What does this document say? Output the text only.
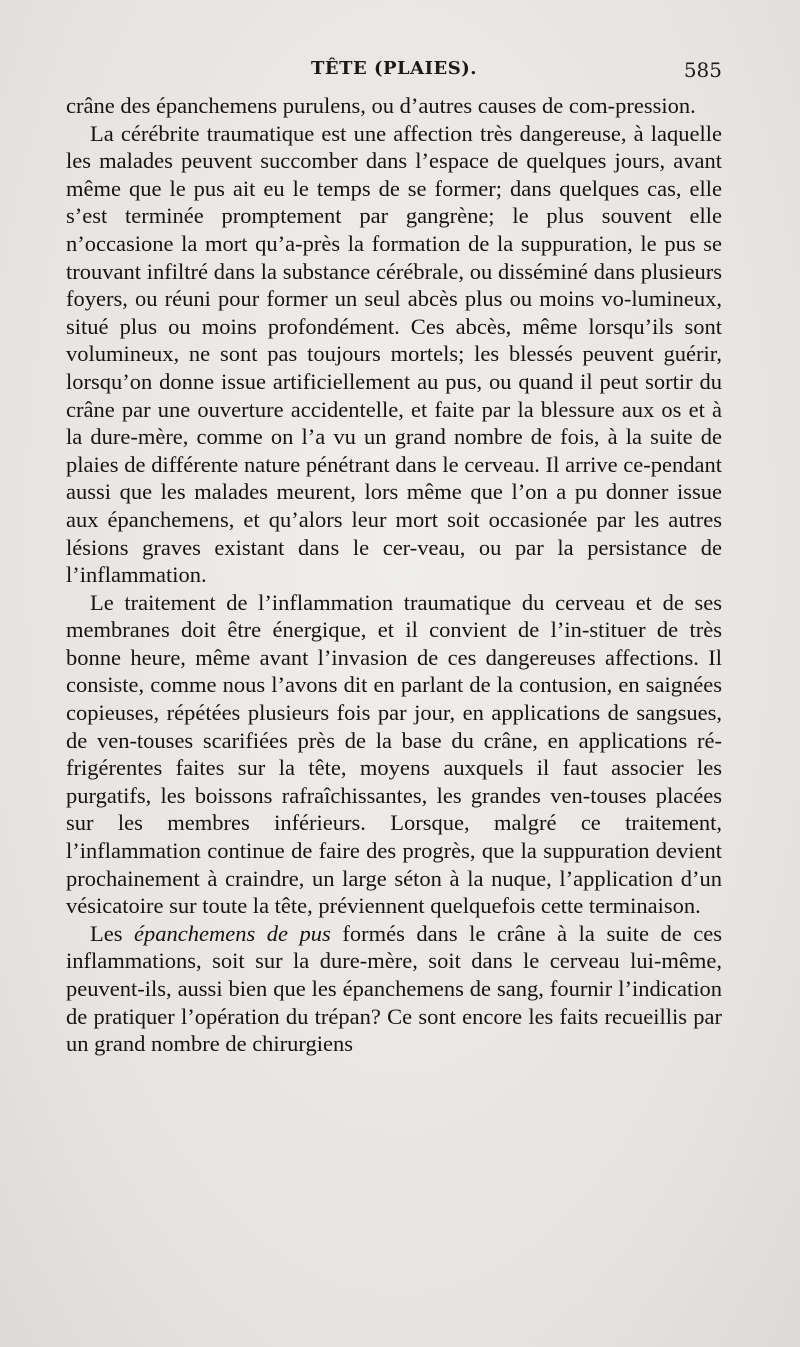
TÊTE (PLAIES).	585

crâne des épanchemens purulens, ou d’autres causes de com-pression.

La cérébrite traumatique est une affection très dangereuse, à laquelle les malades peuvent succomber dans l’espace de quelques jours, avant même que le pus ait eu le temps de se former; dans quelques cas, elle s’est terminée promptement par gangrène; le plus souvent elle n’occasione la mort qu’a-près la formation de la suppuration, le pus se trouvant infiltré dans la substance cérébrale, ou disséminé dans plusieurs foyers, ou réuni pour former un seul abcès plus ou moins vo-lumineux, situé plus ou moins profondément. Ces abcès, même lorsqu’ils sont volumineux, ne sont pas toujours mortels; les blessés peuvent guérir, lorsqu’on donne issue artificiellement au pus, ou quand il peut sortir du crâne par une ouverture accidentelle, et faite par la blessure aux os et à la dure-mère, comme on l’a vu un grand nombre de fois, à la suite de plaies de différente nature pénétrant dans le cerveau. Il arrive ce-pendant aussi que les malades meurent, lors même que l’on a pu donner issue aux épanchemens, et qu’alors leur mort soit occasionée par les autres lésions graves existant dans le cer-veau, ou par la persistance de l’inflammation.

Le traitement de l’inflammation traumatique du cerveau et de ses membranes doit être énergique, et il convient de l’in-stituer de très bonne heure, même avant l’invasion de ces dangereuses affections. Il consiste, comme nous l’avons dit en parlant de la contusion, en saignées copieuses, répétées plusieurs fois par jour, en applications de sangsues, de ven-touses scarifiées près de la base du crâne, en applications ré-frigérentes faites sur la tête, moyens auxquels il faut associer les purgatifs, les boissons rafraîchissantes, les grandes ven-touses placées sur les membres inférieurs. Lorsque, malgré ce traitement, l’inflammation continue de faire des progrès, que la suppuration devient prochainement à craindre, un large séton à la nuque, l’application d’un vésicatoire sur toute la tête, préviennent quelquefois cette terminaison.

Les épanchemens de pus formés dans le crâne à la suite de ces inflammations, soit sur la dure-mère, soit dans le cerveau lui-même, peuvent-ils, aussi bien que les épanchemens de sang, fournir l’indication de pratiquer l’opération du trépan? Ce sont encore les faits recueillis par un grand nombre de chirurgiens
